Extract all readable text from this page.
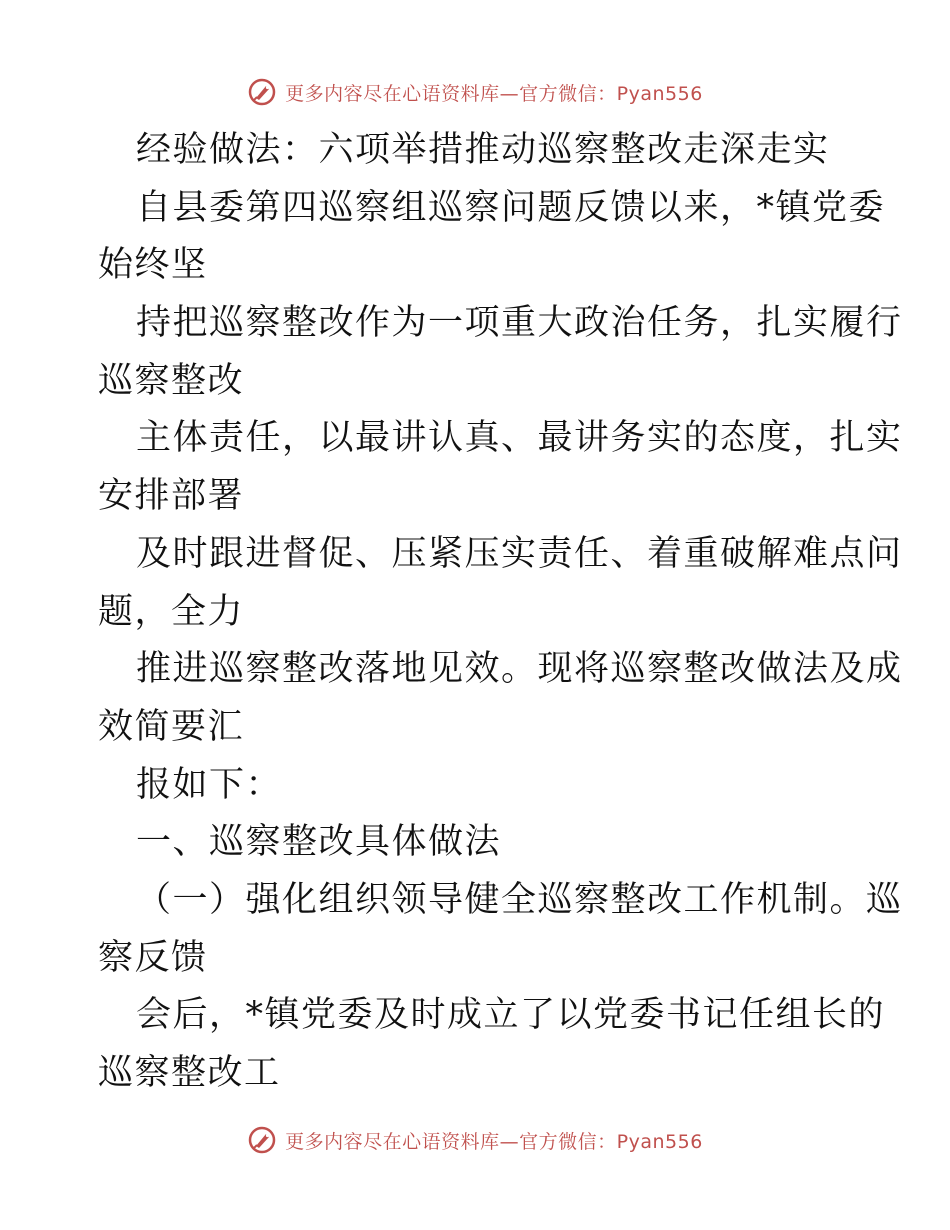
更多内容尽在心语资料库—官方微信：Pyan556
经验做法：六项举措推动巡察整改走深走实
自县委第四巡察组巡察问题反馈以来，*镇党委
始终坚
持把巡察整改作为一项重大政治任务，扎实履行
巡察整改
主体责任，以最讲认真、最讲务实的态度，扎实
安排部署
及时跟进督促、压紧压实责任、着重破解难点问
题，全力
推进巡察整改落地见效。现将巡察整改做法及成
效简要汇
报如下：
一、巡察整改具体做法
（一）强化组织领导健全巡察整改工作机制。巡
察反馈
会后，*镇党委及时成立了以党委书记任组长的
巡察整改工
更多内容尽在心语资料库—官方微信：Pyan556
